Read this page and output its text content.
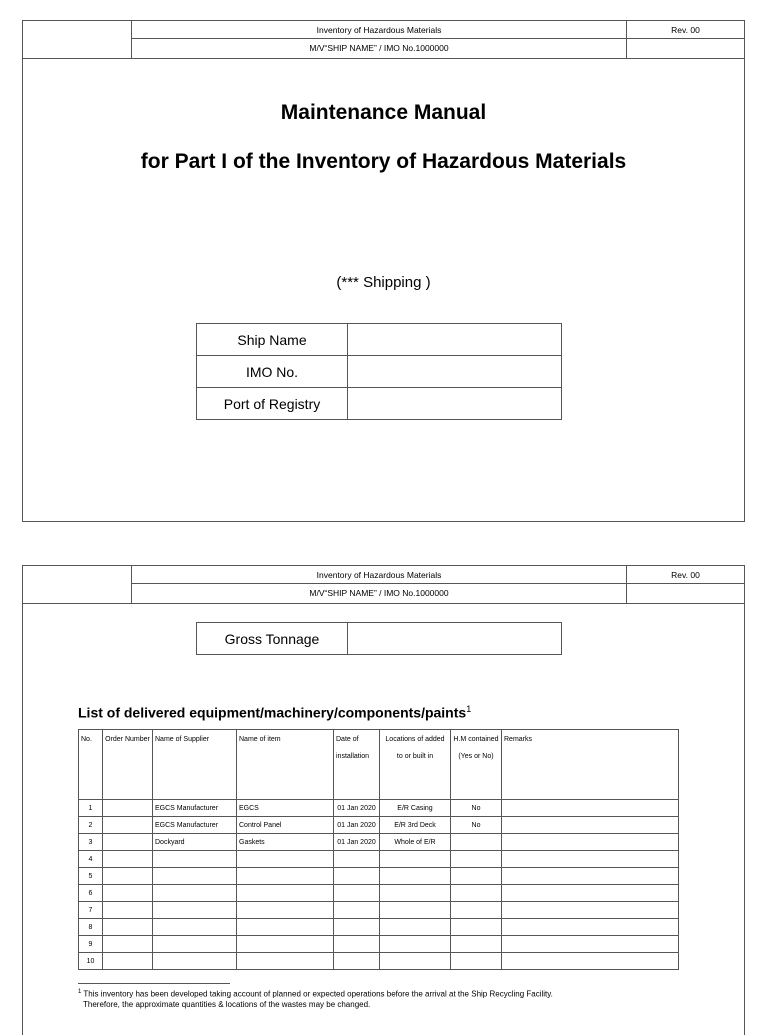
Inventory of Hazardous Materials
M/V“SHIP NAME” / IMO No.1000000
Rev. 00
Maintenance Manual
for Part I of the Inventory of Hazardous Materials
(*** Shipping )
Ship Name	
IMO No.	
Port of Registry	
Inventory of Hazardous Materials
M/V“SHIP NAME” / IMO No.1000000
Rev. 00
Gross Tonnage	
List of delivered equipment/machinery/components/paints$^1$
No.	Order Number	Name of Supplier	Name of item	Date of installation	Locations of added to or built in	H.M contained (Yes or No)	Remarks
1		EGCS Manufacturer	EGCS	01 Jan 2020	E/R Casing	No	
2		EGCS Manufacturer	Control Panel	01 Jan 2020	E/R 3rd Deck	No	
3		Dockyard	Gaskets	01 Jan 2020	Whole of E/R		
4							
5							
6							
7							
8							
9							
10							
$^1$ This inventory has been developed taking account of planned or expected operations before the arrival at the Ship Recycling Facility.
Therefore, the approximate quantities & locations of the wastes may be changed.
